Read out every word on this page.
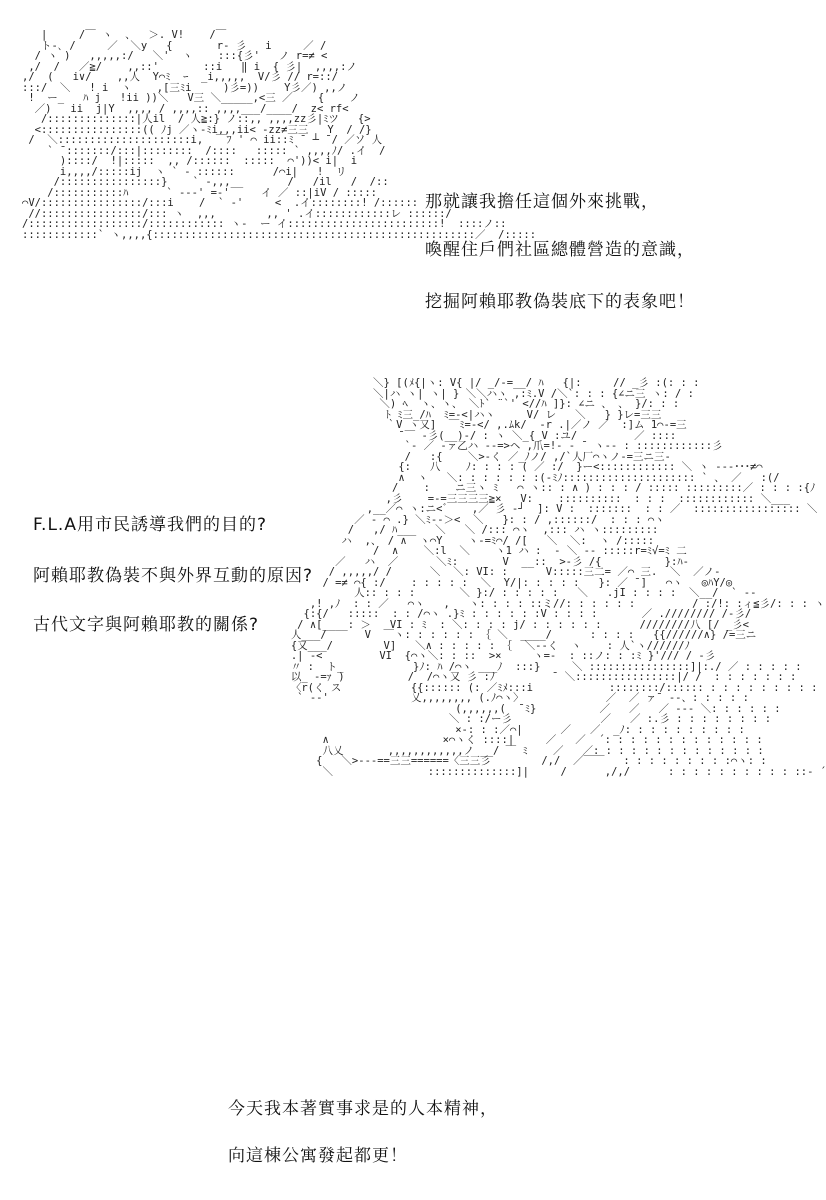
|     /￣ ヽ  、  ＞. V!    /￣
ト-､ /     ／  ＼y   {       r‐ 彡   i     ／ /
/ ヽ )   ,,,,,:/   ＼'  ヽ    :::{彡'   ノ r=≠ <
,/  /   ／≧/    ,,::'       ::i   ‖ i  { 彡|  ,,,,:ノ
,/  (   i∨/    ,,人  Y⌒ﾐ  ｰ  _i,,,,,  V/彡 // r=::/
:::/  ＼   ! i  ヽ    ,[三ﾐi     )彡=))    Y彡／) ,,ノ
!  ー_   ﾊ j   !ii ))＼   V三 ＼_____,<三 ／    {    ノ
／)   ii  j|Y  ,,,, / ,,,,:: ,,,,___/____/  z< rf<
/::::::::::::::|人il  / 人≧:} ノ::,, ,,,,zz彡|ﾐツ   {>
<::::::::::::::::(( ﾉj ／ヽ‐ﾐi,,,ii< -zz≠三三   Y  / /}
/  ＼:::::::::::::::::::::i,  ￣ﾌ ' ⌒ ii::ﾐ ¯ ┴ ¯/ ／ソ 人
` ¯:::::::/:::|::::::::  /::::   ::::: ` ,,,,ﾉ/ .イ  /
)::::/  !|:::::  ,, /::::::  :::::  ⌒'))< i|  i
i,,,,/:::::ij  ヽ ` ‐ ::::::      /⌒i|   !  リ
/::::::::::::::::}    ` ‐,,,__       /   /il   /  /::
/:::::::::::ﾊ      ` ‐‐‐' =‐'     イ ／ ::|iV / :::::
⌒V/::::::::::::::::/:::i    /  ` ‐'     <  .イ::::::::! /::::::
//::::::::::::::::/::: ヽ  ,,,        ,, ' .イ::::::::::::レ ::::::/
/::::::::::::::::::/:::::::::::: ヽ‐  ー イ::::::::::::::::::::::::!  ::::ノ::
::::::::::::` ヽ,,,,{:::::::::::::::::::::::::::::::::::::::::::::::::::／  /:::::
那就讓我擔任這個外來挑戰，
喚醒住戶們社區總體營造的意識，
挖掘阿賴耶教偽裝底下的表象吧！
＼} [(ﾒ{|ヽ: V{ |/ _/-=__/ ﾊ   {|:     // _彡 :(: : :
＼|ハ ヽ| ヽ| } ＼＼ハヽ ,:ﾐ.V /＼`: : : {∠ニ三 ヽ: / :
＼) ﾍ  ヽ、ヽ、 ＼ﾄ` ¨`' <//ﾊ ]}: ∠ニ 、 、 }/: : :
ﾄ ﾐ三_/ﾊ  ﾐ=‐<|ハヽ     V/ レ   ＼   } }レ=三三
｀V ヽ又]  ￣ﾐ=‐</ ,.ﾑk/  -r .|／ノ ／  :]ム 1⌒‐=三
¯￣ ‐彡(__)‐/ : ヽ ＼_{ V :ユ/         ／ ::::
`‐ ／ ‐ァ乙ハ ‐‐=>ヘ ,爪=!‐ ‐ ¯ ヽ‐‐ : ::::::::::::彡
/   :{    ＼>‐く ／_ﾉノ/ ,/`人厂⌒ヽノ‐=三ニ三‐
{:   八    ﾉ: : : : ( ／ :/  }ー<:::::::::::: ＼ ヽ ‐‐‐･･･≠⌒
∧  ヽ   ＼: : : : : : :(‐ﾐﾉ::::::::::::::::::::: ` 、 ／   :(/
/    :    ニ三ヽ ﾐ   ⌒ ヽ:: : ∧ ) : : : / ::::: :::::::::／ : : : :{ﾉ
,彡    =‐=三三三三≧×   V:    ::::::::::  : : :  :::::::::::: ＼___
,__／⌒ ヽ:ニ<゛   ,／ 彡 ‐┘  ]: V :  :::::::  : : ／  ::::::::::::::::: ＼
／ ‐ ⌒ .} ＼ﾐ‐‐＞<  ＼   }: : / ,::::::/  : : : ⌒ヽ
/   ,/ ﾊ___   ＼   ＼ /::: ⌒ヽ  ,::: ハ ヽ:::::::::
ハ  ,、 / ∧  ヽ⌒Y    ヽ‐=ﾐ⌒/ /[   ＼  ＼:  ヽ /:::::
/  ∧    ＼:l  ＼    ヽ1 ハ :  ‐ ＼ ‐‐ :::::r=ﾐ√=ﾐ 二
／   ハ  ／      ＼ﾐ:       V  __::  >‐彡 /{          }:ﾊ‐
/ ,,,,,/ /      ＼  ＼: VI: :      V:::::三二= ／⌒ 三.  ＼  ／ノ‐
/ =≠ ⌒{ :/    : : : : :  ＼  Y/|: : : : :   }: ／ ¯]   ⌒ヽ   ◎ﾊY/◎
人:: : : :       ＼ }:/ : : : : :   ＼   .jI : : : :  ＼__/  ` ‐‐
,! ,ﾉ  : : ／   ⌒ヽ   ,   ヽ: : : : ::ミ//: : : : : :         / :/!: :ィ≦彡/: : : ヽ
{:{/   :::::  : : /⌒ヽ .}ﾐ : : : : : :V : : : :       ／ .//////// /‐彡/
/ ∧[____: ＞   VI : ﾐ  : ＼: : : : j/ : : : : : :      ////////八 [/ _彡<
人___/      V  ￣ヽ: : : : : : ｛ ＼  ____/      : : : :   {{//////∧} /=三ニ
{又___/        V]   ＼∧ : : : : : ｛  ＼‐‐く  ヽ    : 人`ヽ//////ﾉ
.| ‐<         VI  {⌒ヽ＼: : ::  >×     ヽ=‐  : ::ノ: : :ﾐ }'/// / ‐彡
〃 :  ト_           }ﾉ: ﾊ /⌒ヽ ___ﾉ  :::}     ＼ ::::::::::::::::]|:./ ／ : : : : :
以_ -=ｧ )          /  /⌒ヽ又 彡 :ﾉ         ¯ ＼::::::::::::::::|/ /  : : : : : : :
〈r(く ス           {{:::::: (: ／ﾐﾒ:::i            ::::::::/:::::: : : : : : : : : :
` ‐‐'             乂,,,,,,,, (.ﾉ⌒ヽ〉             ／  ／ ァ¯ ‐‐、: : : : :
(,,,,,,(  ̄ ﾐ}          ／   ／   ／ ‐‐‐ ＼: : : : : :
＼ : :/ー彡              ／   ／ :.彡 : : : : : : : :
×-: : :／⌒|      ／   ／  _ﾉ: : : : : : : : : :
∧                  ×⌒ヽく ::::|     ／   ／  ´: : : : : : : : : : : : :
八乂       ,,,,,,,,,,,,ノ __/ ￣ ﾐ    ／   ／: : : : : : : : : : : : : :
{   ＼>‐‐‐==三三======〈三三彡        /,/  ／￣￣   : : : : : : : : :⌒ヽ: :
＼               ::::::::::::::]|     /      ,/,/      : : : : : : : : : : ::‐ ´
F.L.A用市民誘導我們的目的?
阿賴耶教偽裝不與外界互動的原因?
古代文字與阿賴耶教的關係?
今天我本著實事求是的人本精神，
向這棟公寓發起都更！
